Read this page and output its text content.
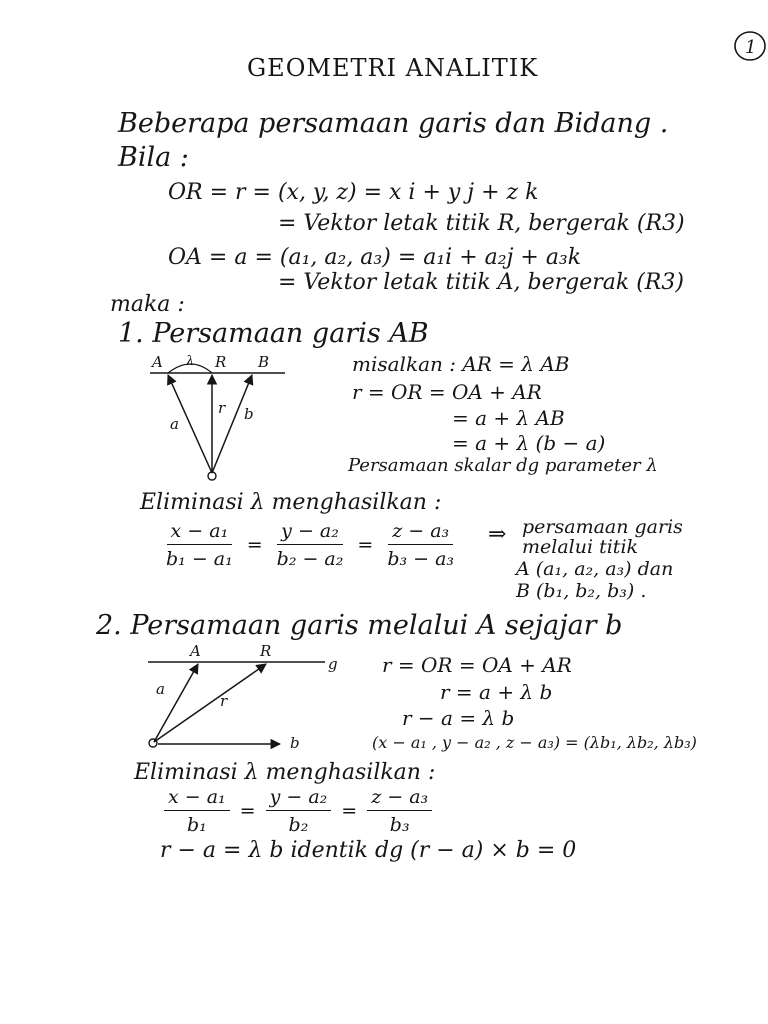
1
GEOMETRI ANALITIK
Beberapa persamaan garis dan Bidang .
Bila :
OR = r = (x, y, z) = x i + y j + z k
= Vektor letak titik R, bergerak (R3)
OA = a = (a₁, a₂, a₃) = a₁i + a₂j + a₃k
= Vektor letak titik A, bergerak (R3)
maka :
1. Persamaan garis AB
A λ R B
a
r b
misalkan : AR = λ AB
r = OR = OA + AR
= a + λ AB
= a + λ (b − a)
Persamaan skalar dg parameter λ
Eliminasi λ menghasilkan :
$\frac{\text{x − a₁}}{\text{b₁ − a₁}} = \frac{\text{y − a₂}}{\text{b₂ − a₂}} = \frac{\text{z − a₃}}{\text{b₃ − a₃}}$ ⇒ persamaan garis
melalui titik
A (a₁, a₂, a₃) dan
B (b₁, b₂, b₃) .
2. Persamaan garis melalui A sejajar b
A	R
g
a
r
b
r = OR = OA + AR
r = a + λ b
r − a = λ b
(x − a₁ , y − a₂ , z − a₃) = (λb₁, λb₂, λb₃)
Eliminasi λ menghasilkan :
$\frac{\text{x − a₁}}{\text{b₁}} = \frac{\text{y − a₂}}{\text{b₂}} = \frac{\text{z − a₃}}{\text{b₃}}$
r − a = λ b identik dg (r − a) × b = 0
